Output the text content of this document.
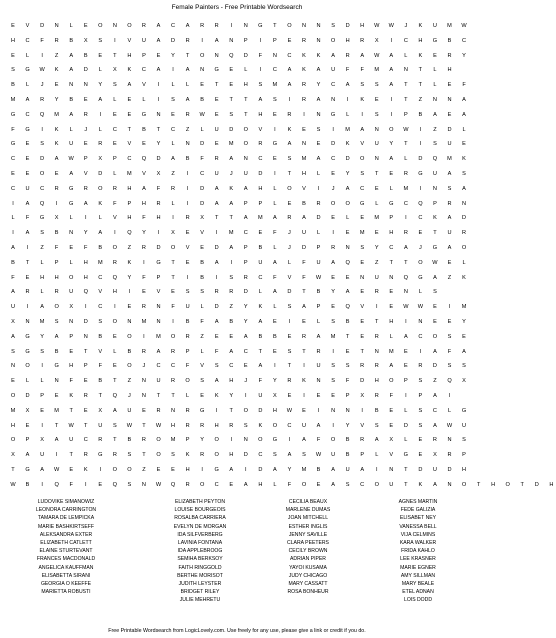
Female Painters - Free Printable Wordsearch
E	V	D	N	L	E	O	N	O	R	A	C	A	R	R	I	N	G	T	O	N	N	S	D	H	W	W	J	K	U	M	W
H	C	F	R	B	X	S	I	V	U	A	D	R	I	A	N	P	I	P	E	R	N	O	H	R	X	I	C	H	G	B	C
E	L	I	Z	A	B	E	T	H	P	E	Y	T	O	N	Q	D	F	N	C	K	K	A	R	A	W	A	L	K	E	R	Y
S	G	W	K	A	D	L	X	K	C	A	I	A	N	G	E	L	I	C	A	K	A	U	F	F	M	A	N	T	L	H
B	L	J	E	N	N	Y	S	A	V	I	L	L	E	T	E	H	S	M	A	R	Y	C	A	S	S	A	T	T	L	E	F
M	A	R	Y	B	E	A	L	E	L	I	S	A	B	E	T	T	A	S	I	R	A	N	I	K	E	I	T	Z	N	N	A
G	C	Q	M	A	R	I	E	E	G	N	E	R	W	E	S	T	H	E	R	I	N	G	L	I	S	I	P	B	A	E	A
F	G	I	K	L	J	L	C	T	B	T	C	Z	L	U	D	O	V	I	K	E	S	I	M	A	N	O	W	I	Z	D	L
G	E	S	K	U	E	R	E	V	E	Y	L	N	D	E	M	O	R	G	A	N	E	D	K	V	U	Y	T	I	S	U	E
C	E	D	A	W	P	X	P	C	Q	D	A	B	F	R	A	N	C	E	S	M	A	C	D	O	N	A	L	D	Q	M	K
E	E	O	E	A	V	D	L	M	V	X	Z	I	C	U	J	U	D	I	T	H	L	E	Y	S	T	E	R	G	U	A	S
C	U	C	R	G	R	O	R	H	A	F	R	I	D	A	K	A	H	L	O	V	I	J	A	C	E	L	M	I	N	S	A
I	A	Q	I	G	A	K	F	P	H	R	L	I	D	A	A	P	P	L	E	B	R	O	O	G	L	G	C	Q	P	R	N
L	F	G	X	L	I	L	V	H	F	H	I	R	X	T	T	A	M	A	R	A	D	E	L	E	M	P	I	C	K	A	D
I	A	S	B	N	Y	A	I	Q	Y	I	X	E	V	I	M	C	E	F	J	U	L	I	E	M	E	H	R	E	T	U	R
A	I	Z	F	E	F	B	O	Z	R	D	O	V	E	D	A	P	B	L	J	D	P	R	N	S	Y	C	A	J	G	A	O
B	T	L	P	L	H	M	R	K	I	G	T	E	B	A	I	P	U	A	L	F	U	A	Q	E	Z	T	T	O	W	E	L
F	E	H	H	O	H	C	Q	Y	F	P	T	I	B	I	S	R	C	F	V	F	W	E	E	N	U	N	Q	G	A	Z	K
A	R	L	R	U	Q	V	H	I	E	V	E	S	S	R	R	D	L	A	D	T	B	Y	A	E	R	E	N	L	S
U	I	A	O	X	I	C	I	E	R	N	F	U	L	D	Z	Y	K	L	S	A	P	E	Q	V	I	E	W	W	E	I	M
X	N	M	S	N	D	S	O	N	M	N	I	B	F	A	B	Y	A	E	I	E	L	S	B	E	T	H	I	N	E	E	Y
A	G	Y	A	P	N	B	E	O	I	M	O	R	Z	E	E	A	B	B	E	R	A	M	T	E	R	L	A	C	O	S	E
S	G	S	B	E	T	V	L	B	R	A	R	P	L	F	A	C	T	E	S	T	R	I	E	T	N	M	E	I	A	F	A
N	O	I	G	H	P	F	E	O	J	C	C	F	V	S	C	E	A	I	T	I	U	S	S	R	R	A	E	R	D	S	S
E	L	L	N	F	E	B	T	Z	N	U	R	O	S	A	H	J	F	Y	R	K	N	S	F	D	H	O	P	S	Z	Q	X
O	D	P	E	K	R	T	Q	J	N	T	T	L	E	K	Y	I	U	X	E	I	E	E	P	X	R	F	I	P	A	I
M	X	E	M	T	E	X	A	U	E	R	N	R	G	I	T	O	D	H	W	E	I	N	N	I	B	E	L	S	C	L	G
H	E	I	T	W	T	U	S	W	T	W	H	R	R	H	R	S	K	O	C	U	A	I	Y	V	S	E	D	S	A	W	U
O	P	X	A	U	C	R	T	B	R	O	M	P	Y	O	I	N	O	G	I	A	F	O	B	R	A	X	L	E	R	N	S
X	A	U	I	T	R	G	R	S	T	O	S	K	R	O	H	D	C	S	A	S	W	U	B	P	L	V	G	E	X	R	P
T	G	A	W	E	K	I	O	O	Z	E	E	H	I	G	A	I	D	A	Y	M	B	A	U	A	I	N	T	D	U	D	H
W	B	I	Q	F	I	E	Q	S	N	W	Q	R	O	C	E	A	H	L	F	O	E	A	S	C	O	U	T	K	A	N	O	T	H	O	T	D	H
LUDOVIKE SIMANOWIZ
LEONORA CARRINGTON
TAMARA DE LEMPICKA
MARIE BASHKIRTSEFF
ALEKSANDRA EXTER
ELIZABETH CATLETT
ELAINE STURTEVANT
FRANCES MACDONALD
ANGELICA KAUFFMAN
ELISABETTA SIRANI
GEORGIA O KEEFFE
MARIETTA ROBUSTI
ELIZABETH PEYTON
LOUISE BOURGEOIS
ROSALBA CARRIERA
EVELYN DE MORGAN
IDA SILFVERBERG
LAVINIA FONTANA
IDA APPLEBROOG
SEMIHA BERKSOY
FAITH RINGGOLD
BERTHE MORISOT
JUDITH LEYSTER
BRIDGET RILEY
JULIE MEHRETU
CECILIA BEAUX
MARLENE DUMAS
JOAN MITCHELL
ESTHER INGLIS
JENNY SAVILLE
CLARA PEETERS
CECILY BROWN
ADRIAN PIPER
YAYOI KUSAMA
JUDY CHICAGO
MARY CASSATT
ROSA BONHEUR
AGNES MARTIN
FEDE GALIZIA
ELISABET NEY
VANESSA BELL
VIJA CELMINS
KARA WALKER
FRIDA KAHLO
LEE KRASNER
MARIE EGNER
AMY SILLMAN
MARY BEALE
ETEL ADNAN
LOIS DODD
Free Printable Wordsearch from LogicLovely.com. Use freely for any use, please give a link or credit if you do.
